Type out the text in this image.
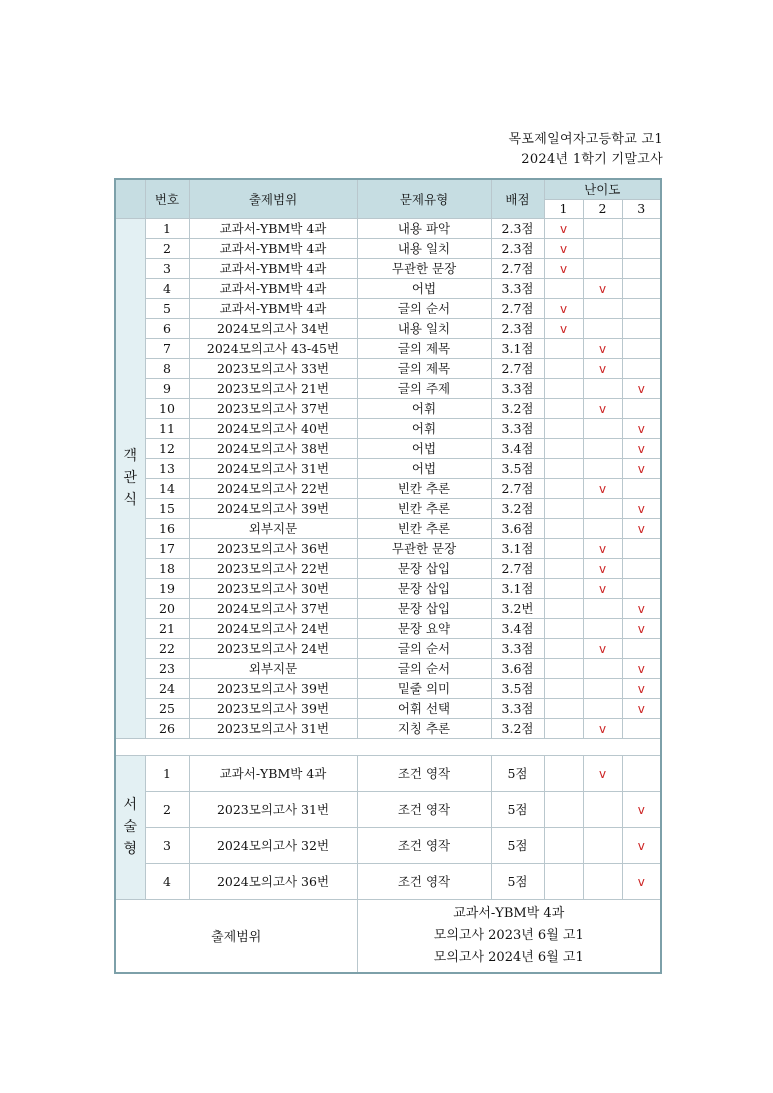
목포제일여자고등학교 고1
2024년 1학기 기말고사
	번호	출제범위	문제유형	배점	난이도		
					1	2	3

객
관
식	1	교과서-YBM박 4과	내용 파악	2.3점	v		
	2	교과서-YBM박 4과	내용 일치	2.3점	v		
	3	교과서-YBM박 4과	무관한 문장	2.7점	v		
	4	교과서-YBM박 4과	어법	3.3점		v	
	5	교과서-YBM박 4과	글의 순서	2.7점	v		
	6	2024모의고사 34번	내용 일치	2.3점	v		
	7	2024모의고사 43-45번	글의 제목	3.1점		v	
	8	2023모의고사 33번	글의 제목	2.7점		v	
	9	2023모의고사 21번	글의 주제	3.3점			v
	10	2023모의고사 37번	어휘	3.2점		v	
	11	2024모의고사 40번	어휘	3.3점			v
	12	2024모의고사 38번	어법	3.4점			v
	13	2024모의고사 31번	어법	3.5점			v
	14	2024모의고사 22번	빈칸 추론	2.7점		v	
	15	2024모의고사 39번	빈칸 추론	3.2점			v
	16	외부지문	빈칸 추론	3.6점			v
	17	2023모의고사 36번	무관한 문장	3.1점		v	
	18	2023모의고사 22번	문장 삽입	2.7점		v	
	19	2023모의고사 30번	문장 삽입	3.1점		v	
	20	2024모의고사 37번	문장 삽입	3.2번			v
	21	2024모의고사 24번	문장 요약	3.4점			v
	22	2023모의고사 24번	글의 순서	3.3점		v	
	23	외부지문	글의 순서	3.6점			v
	24	2023모의고사 39번	밑줄 의미	3.5점			v
	25	2023모의고사 39번	어휘 선택	3.3점			v
	26	2023모의고사 31번	지칭 추론	3.2점		v	

서
술
형	1	교과서-YBM박 4과	조건 영작	5점		v	
	2	2023모의고사 31번	조건 영작	5점			v
	3	2024모의고사 32번	조건 영작	5점			v
	4	2024모의고사 36번	조건 영작	5점			v
출제범위			교과서-YBM박 4과
모의고사 2023년 6월 고1
모의고사 2024년 6월 고1				
